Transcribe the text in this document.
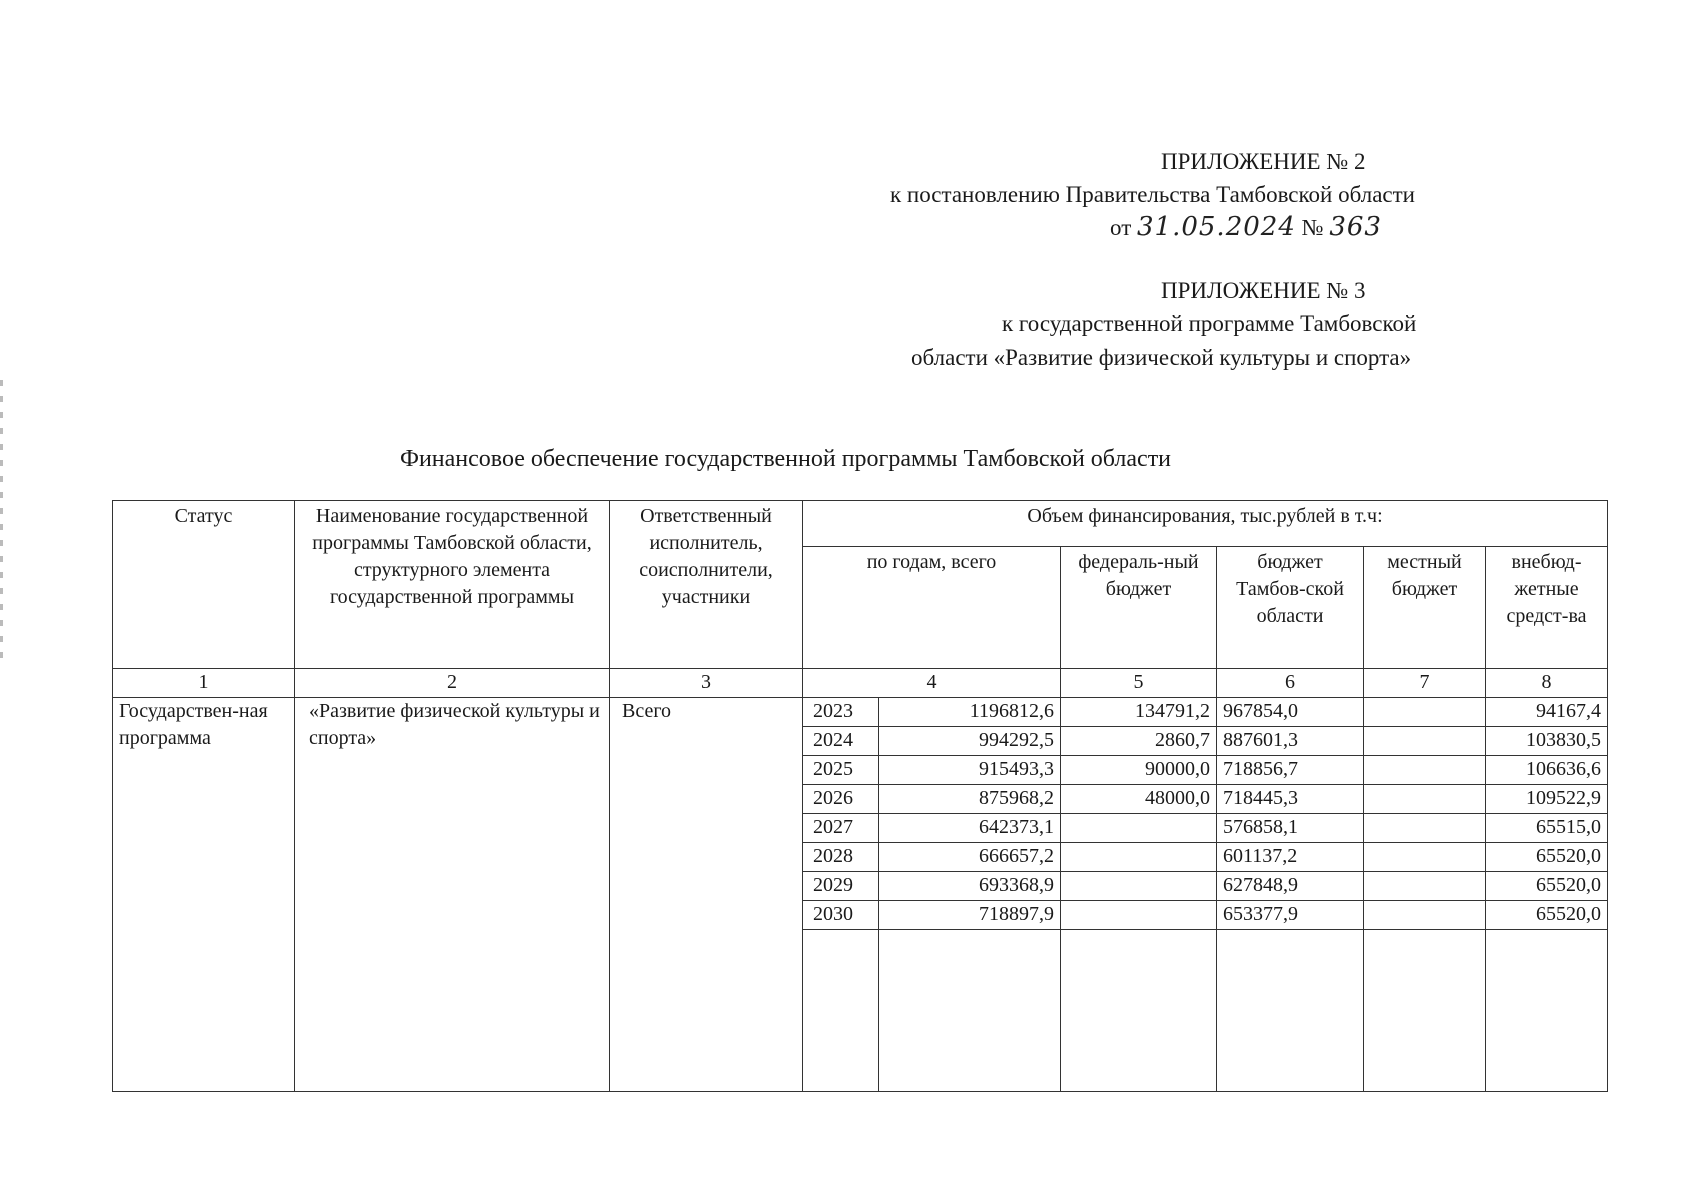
ПРИЛОЖЕНИЕ № 2
к постановлению Правительства Тамбовской области
от 31.05.2024 № 363
ПРИЛОЖЕНИЕ № 3
к государственной программе Тамбовской
области «Развитие физической культуры и спорта»
Финансовое обеспечение государственной программы Тамбовской области
Статус	Наименование государственной программы Тамбовской области, структурного элемента государственной программы	Ответственный исполнитель, соисполнители, участники	Объем финансирования, тыс.рублей в т.ч:					
			по годам, всего		федераль-ный бюджет	бюджет Тамбов-ской области	местный бюджет	внебюд-жетные средст-ва
1	2	3	4		5	6	7	8
Государствен-ная программа	«Развитие физической культуры и спорта»	Всего	2023	1196812,6	134791,2	967854,0		94167,4
			2024	994292,5	2860,7	887601,3		103830,5
			2025	915493,3	90000,0	718856,7		106636,6
			2026	875968,2	48000,0	718445,3		109522,9
			2027	642373,1		576858,1		65515,0
			2028	666657,2		601137,2		65520,0
			2029	693368,9		627848,9		65520,0
			2030	718897,9		653377,9		65520,0
